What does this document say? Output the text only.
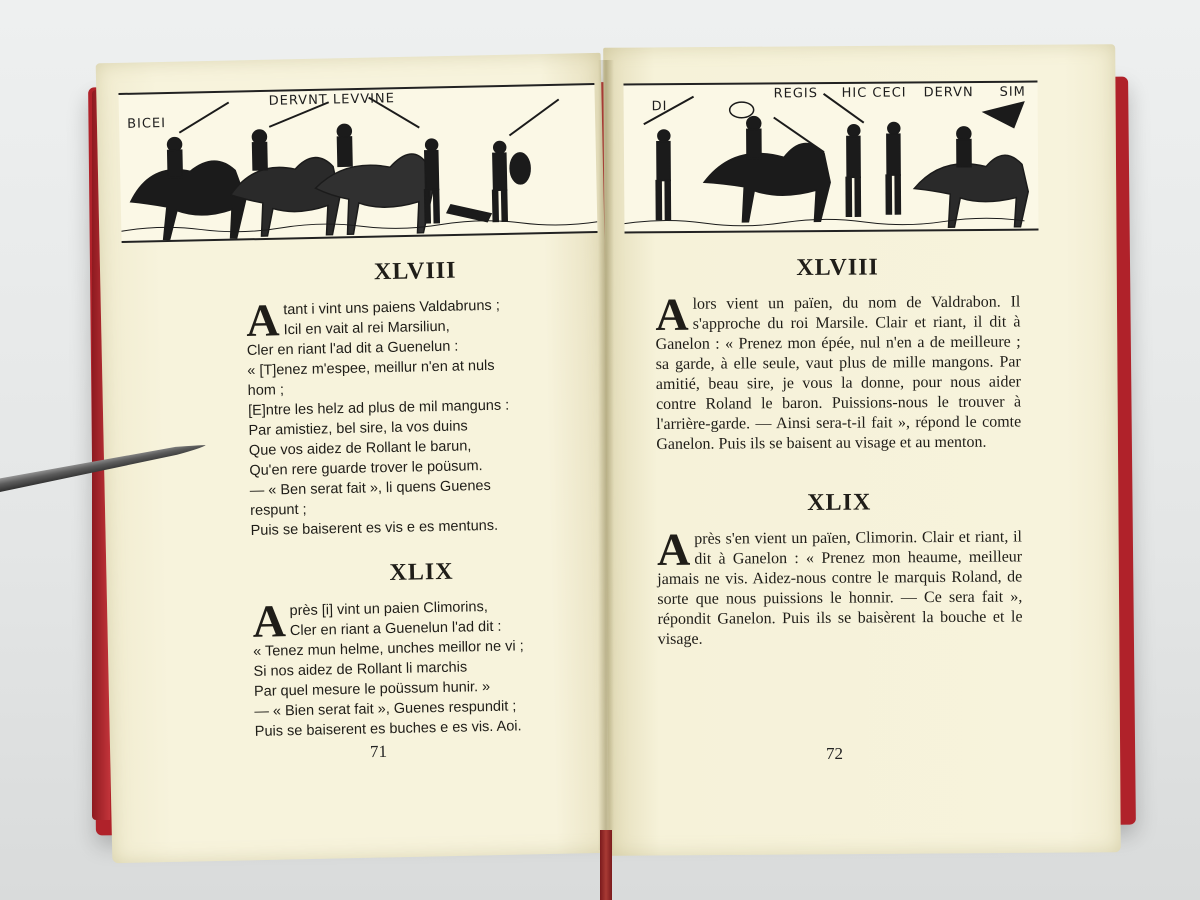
BICEI
DERVNT LEVVINE	DI
REGIS HIC CECI DERVN SIM
XLVIII
A tant i vint uns paiens Valdabruns ;
Icil en vait al rei Marsiliun,
Cler en riant l'ad dit a Guenelun :
« [T]enez m'espee, meillur n'en at nuls
hom ;
[E]ntre les helz ad plus de mil manguns :
Par amistiez, bel sire, la vos duins
Que vos aidez de Rollant le barun,
Qu'en rere guarde trover le poüsum.
— « Ben serat fait », li quens Guenes
respunt ;
Puis se baiserent es vis e es mentuns.
XLIX
A près [i] vint un paien Climorins,
Cler en riant a Guenelun l'ad dit :
« Tenez mun helme, unches meillor ne vi ;
Si nos aidez de Rollant li marchis
Par quel mesure le poüssum hunir. »
— « Bien serat fait », Guenes respundit ;
Puis se baiserent es buches e es vis. Aoi.
71
XLVIII
A lors vient un païen, du nom de Valdrabon. Il s'approche du roi Marsile. Clair et riant, il dit à Ganelon : « Prenez mon épée, nul n'en a de meilleure ; sa garde, à elle seule, vaut plus de mille mangons. Par amitié, beau sire, je vous la donne, pour nous aider contre Roland le baron. Puissions-nous le trouver à l'arrière-garde. — Ainsi sera-t-il fait », répond le comte Ganelon. Puis ils se baisent au visage et au menton.
XLIX
A près s'en vient un païen, Climorin. Clair et riant, il dit à Ganelon : « Prenez mon heaume, meilleur jamais ne vis. Aidez-nous contre le marquis Roland, de sorte que nous puissions le honnir. — Ce sera fait », répondit Ganelon. Puis ils se baisèrent la bouche et le visage.
72
